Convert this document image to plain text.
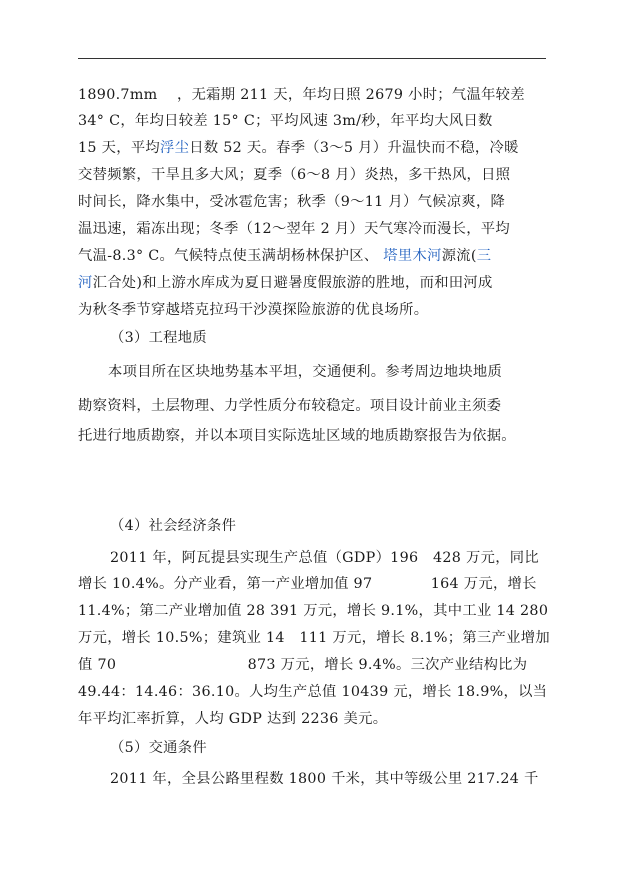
1890.7mm　 ，无霜期 211 天，年均日照 2679 小时；气温年较差
34° C，年均日较差 15° C；平均风速 3m/秒，年平均大风日数
15 天，平均浮尘日数 52 天。春季（3～5 月）升温快而不稳，冷暖
交替频繁，干旱且多大风；夏季（6～8 月）炎热，多干热风，日照
时间长，降水集中，受冰雹危害；秋季（9～11 月）气候凉爽，降
温迅速，霜冻出现；冬季（12～翌年 2 月）天气寒冷而漫长，平均
气温-8.3° C。气候特点使玉满胡杨林保护区、 塔里木河源流(三
河汇合处)和上游水库成为夏日避暑度假旅游的胜地，而和田河成
为秋冬季节穿越塔克拉玛干沙漠探险旅游的优良场所。
（3）工程地质
本项目所在区块地势基本平坦，交通便利。参考周边地块地质
勘察资料，土层物理、力学性质分布较稳定。项目设计前业主须委
托进行地质勘察，并以本项目实际选址区域的地质勘察报告为依据。
（4）社会经济条件
2011 年，阿瓦提县实现生产总值（GDP）196　428 万元，同比
增长 10.4%。分产业看，第一产业增加值 97　　　　164 万元，增长
11.4%；第二产业增加值 28 391 万元，增长 9.1%，其中工业 14 280
万元，增长 10.5%；建筑业 14　111 万元，增长 8.1%；第三产业增加
值 70　　　　　　　　　873 万元，增长 9.4%。三次产业结构比为
49.44：14.46：36.10。人均生产总值 10439 元，增长 18.9%，以当
年平均汇率折算，人均 GDP 达到 2236 美元。
（5）交通条件
2011 年，全县公路里程数 1800 千米，其中等级公里 217.24 千
